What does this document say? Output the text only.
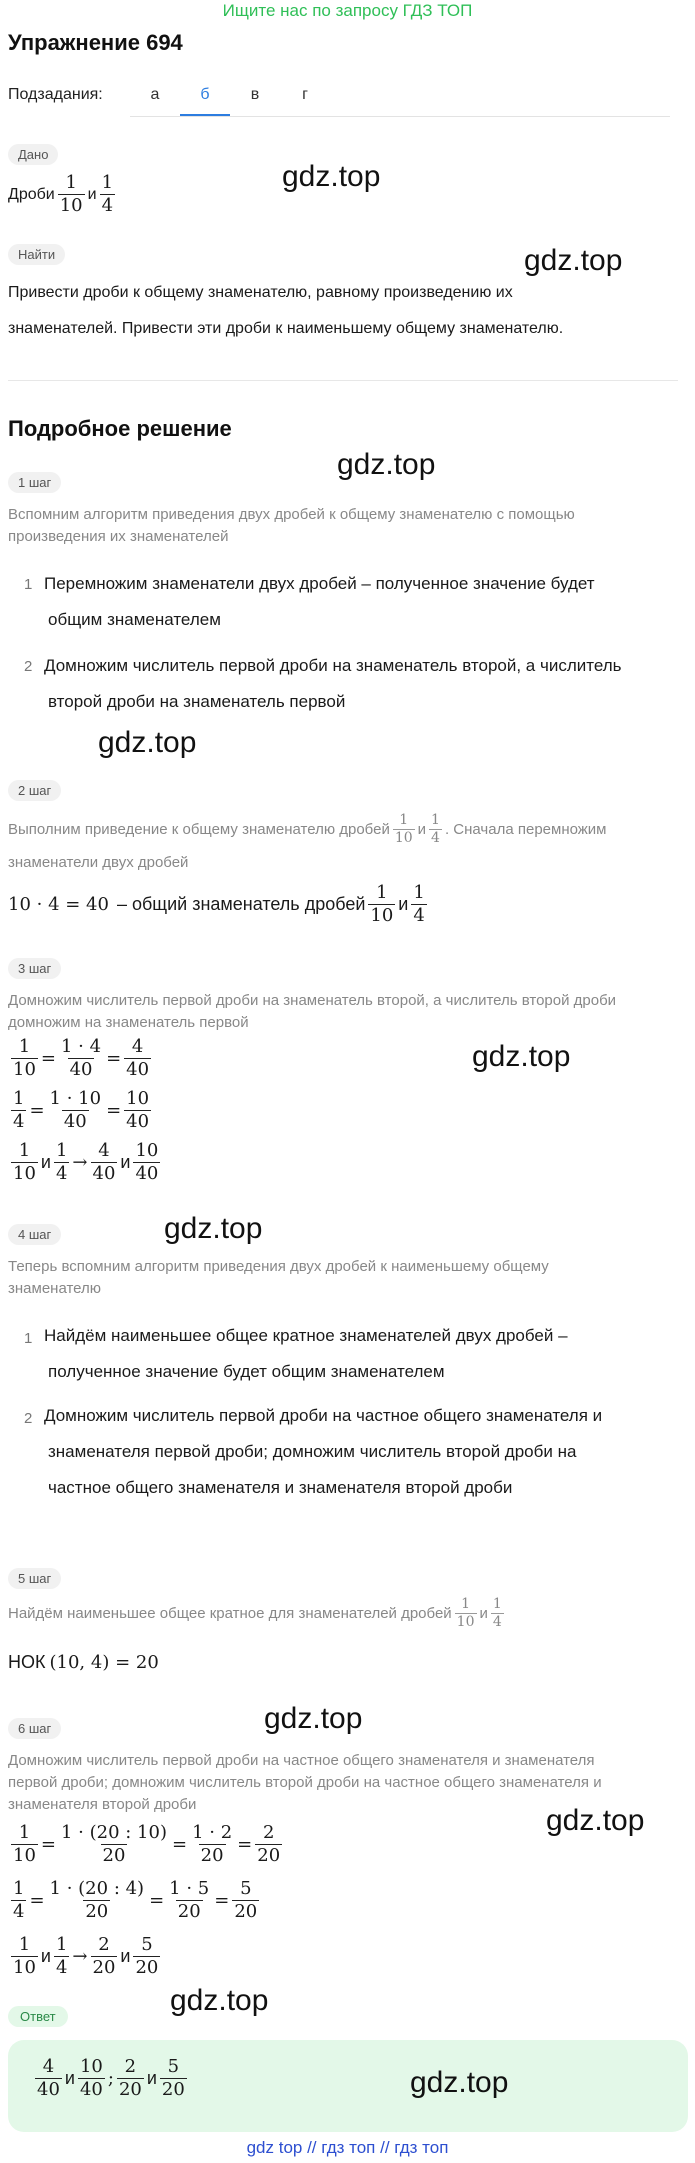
Ищите нас по запросу ГДЗ ТОП
Упражнение 694
Подзадания:	а	б	в	г
Дано
Дроби $\frac{1}{10}$ и $\frac{1}{4}$	gdz.top
Найти	gdz.top
Привести дроби к общему знаменателю, равному произведению их
знаменателей. Привести эти дроби к наименьшему общему знаменателю.
Подробное решение
gdz.top
1 шаг
Вспомним алгоритм приведения двух дробей к общему знаменателю с помощью
произведения их знаменателей
1 Перемножим знаменатели двух дробей – полученное значение будет
общим знаменателем
2 Домножим числитель первой дроби на знаменатель второй, а числитель
второй дроби на знаменатель первой
gdz.top
2 шаг
Выполним приведение к общему знаменателю дробей $\frac{1}{10}$ и $\frac{1}{4}$ . Сначала перемножим
знаменатели двух дробей
10 · 4 = 40 – общий знаменатель дробей $\frac{1}{10}$ и $\frac{1}{4}$
3 шаг
Домножим числитель первой дроби на знаменатель второй, а числитель второй дроби
домножим на знаменатель первой
$\frac{1}{10} = \frac{1 \cdot 4}{40} = \frac{4}{40}$
$\frac{1}{4} = \frac{1 \cdot 10}{40} = \frac{10}{40}$
$\frac{1}{10}$ и $\frac{1}{4} \to \frac{4}{40}$ и $\frac{10}{40}$
gdz.top
gdz.top
4 шаг
Теперь вспомним алгоритм приведения двух дробей к наименьшему общему
знаменателю
1 Найдём наименьшее общее кратное знаменателей двух дробей –
полученное значение будет общим знаменателем
2 Домножим числитель первой дроби на частное общего знаменателя и
знаменателя первой дроби; домножим числитель второй дроби на
частное общего знаменателя и знаменателя второй дроби
5 шаг
Найдём наименьшее общее кратное для знаменателей дробей $\frac{1}{10}$ и $\frac{1}{4}$
НОК (10, 4) = 20
gdz.top
6 шаг
Домножим числитель первой дроби на частное общего знаменателя и знаменателя
первой дроби; домножим числитель второй дроби на частное общего знаменателя и
знаменателя второй дроби	gdz.top
$\frac{1}{10} = \frac{1 \cdot (20 : 10)}{20} = \frac{1 \cdot 2}{20} = \frac{2}{20}$
$\frac{1}{4} = \frac{1 \cdot (20 : 4)}{20} = \frac{1 \cdot 5}{20} = \frac{5}{20}$
$\frac{1}{10}$ и $\frac{1}{4} \to \frac{2}{20}$ и $\frac{5}{20}$
gdz.top
Ответ
$\frac{4}{40}$ и $\frac{10}{40}$ ; $\frac{2}{20}$ и $\frac{5}{20}$	gdz.top
gdz top // гдз топ // гдз топ
